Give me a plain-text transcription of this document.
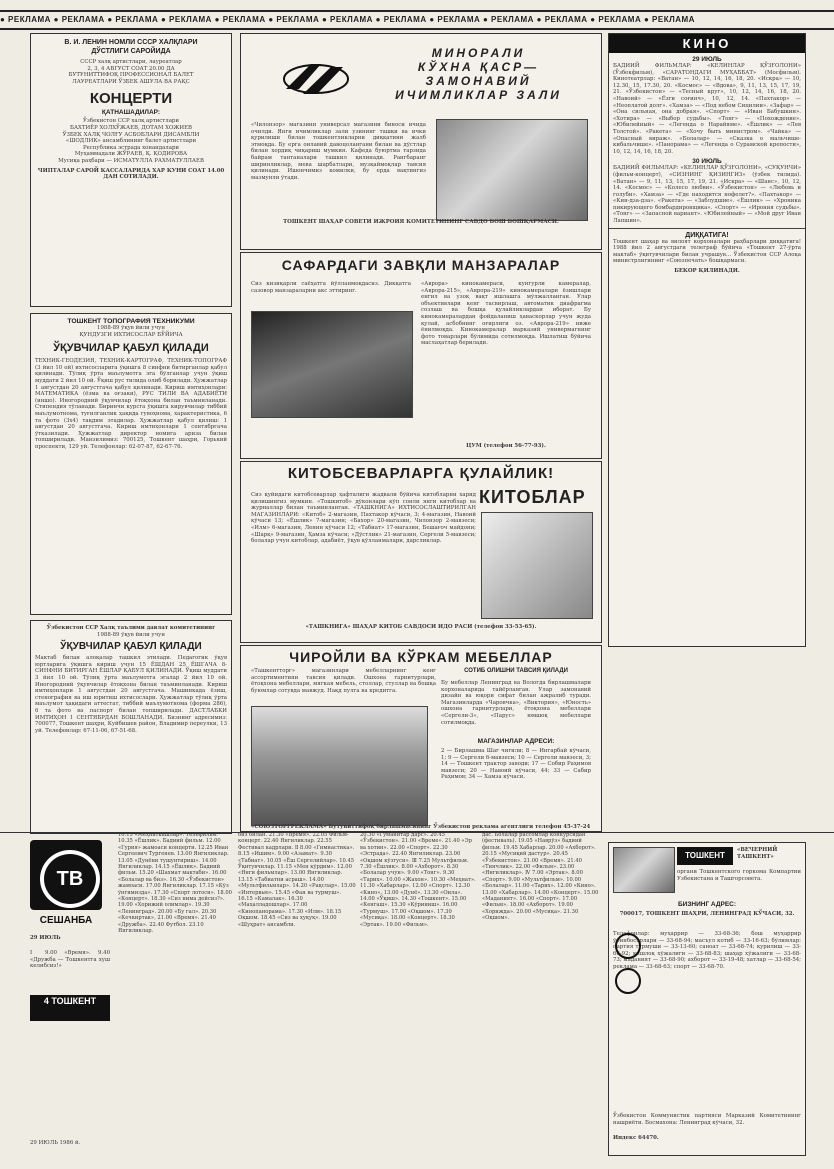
● РЕКЛАМА ● РЕКЛАМА ● РЕКЛАМА ● РЕКЛАМА ● РЕКЛАМА ● РЕКЛАМА ● РЕКЛАМА ● РЕКЛАМА ● РЕКЛАМА ● РЕКЛАМА ● РЕКЛАМА ● РЕКЛАМА ● РЕКЛАМА
В. И. ЛЕНИН НОМЛИ СССР ХАЛҚЛАРИ
ДЎСТЛИГИ САРОЙИДА
СССР халқ артистлари, лауреатлар
2, 3, 4 АВГУСТ СОАТ 20.00 ДА
БУТУНИТТИФОҚ ПРОФЕССИОНАЛ БАЛЕТ
ЛАУРЕАТЛАРИ ЎЗБЕК АШУЛА ВА РАҚС
КОНЦЕРТИ
ҚАТНАШАДИЛАР:
Ўзбекистон ССР халқ артистлари
БАХТИЁР ХОЛХЎЖАЕВ, ДОТАМ ХОЖИЕВ
ЎЗБЕК ХАЛҚ ЧОЛҒУ АСБОБЛАРИ ДИСАМБЛИ
«ШОДЛИК» ансамблининг балет артистлари
Республика эстрада хонандалари
Муҳаммадали ЖЎРАЕВ, Қ. ҚОДИРОВА
Мусиқа раҳбари — ИСМАТУЛЛА РАХМАТУЛЛАЕВ
ЧИПТАЛАР САРОЙ КАССАЛАРИДА ХАР КУНИ СОАТ 14.00 ДАН СОТИЛАДИ.
ТОШКЕНТ ТОПОГРАФИЯ ТЕХНИКУМИ
1988-89 ўқув йили учун
ҚУНДУЗГИ ИХТИСОСЛАР БЎЙИЧА
ЎҚУВЧИЛАР ҚАБУЛ ҚИЛАДИ
ТЕХНИК-ГЕОДЕЗИЯ, ТЕХНИК-КАРТОГРАФ, ТЕХНИК-ТОПОГРАФ (3 йил 10 ой) ихтисосларига ўқишга 8 синфни битирганлар қабул қилинади. Тўлиқ ўрта маълумотга эга бўлганлар учун ўқиш муддати 2 йил 10 ой. Ўқиш рус тилида олиб борилади. Ҳужжатлар 1 августдан 20 августгача қабул қилинади. Кириш имтиҳонлари: МАТЕМАТИКА (ёзма ва оғзаки), РУС ТИЛИ ВА АДАБИЁТИ (иншо). Иногородний ўқувчилар ётоқхона билан таъминланади. Стипендия тўланади. Биринчи курсга ўқишга кирувчилар тиббий маълумотнома, туғилганлик ҳақида гувоҳнома, характеристика, 6 та фото (3x4) тақдим этадилар. Ҳужжатлар қабул қилиш: 1 августдан 20 августгача. Кириш имтиҳонлари 1 сентябргача ўтказилади. Ҳужжатлар директор номига ариза билан топширилади. Манзилимиз: 700125, Тошкент шаҳри, Горький проспекти, 129 уй. Телефонлар: 62-07-87, 62-67-76.
Ўзбекистон ССР Халқ таълими давлат комитетининг
1988-89 ўқув йили учун
ЎҚУВЧИЛАР ҚАБУЛ ҚИЛАДИ
Мактаб билан алоқалар ташкил этилади. Педагогик ўқув юртларига ўқишга кириш учун 15 ЁШДАН 25 ЁШГАЧА 8-СИНФНИ БИТИРГАН ЁШЛАР ҚАБУЛ ҚИЛИНАДИ. Ўқиш муддати 3 йил 10 ой. Тўлиқ ўрта маълумотга эгалар 2 йил 10 ой. Иногородний ўқувчилар ётоқхона билан таъминланади. Кириш имтиҳонлари 1 августдан 20 августгача. Машинкада ёзиш, стенография ва иш юритиш ихтисослари. Ҳужжатлар тўлиқ ўрта маълумот ҳақидаги аттестат, тиббий маълумотнома (форма 286), 6 та фото ва паспорт билан топширилади. ДАСТЛАБКИ ИМТИҲОН 1 СЕНТЯБРДАН БОШЛАНАДИ. Бизнинг адресимиз: 700077, Тошкент шаҳри, Куйбишев район, Владимир переулки, 13 уй. Телефонлар: 67-11-06, 67-51-68.
МИНОРАЛИ
КЎХНА ҚАСР—
ЗАМОНАВИЙ
ИЧИМЛИКЛАР ЗАЛИ
«Чилонзор» магазини универсал магазини биноси ичида очилди. Янги ичимликлар зали узининг ташқи ва ички қурилиши билан тошкентликларни диққатини жалб этмоқда. Бу ерга оилавий давоцолангани билан ва дўстлар билан хордиқ чиқариш мумкин. Кафеда буюртма тарзида байрам тантаналари ташкил қилинади. Рангбаранг ширинликлар, мева шарбатлари, музқаймоқлар тавсия қилинади. Ишончимиз комилки, бу ерда вақтингиз мазмунли ўтади.
ТОШКЕНТ ШАҲАР СОВЕТИ ИЖРОИЯ КОМИТЕТИНИНГ САВДО БОШ БОШҚАРМАСИ.
САФАРДАГИ ЗАВҚЛИ МАНЗАРАЛАР
Сиз кизиқарли саёҳатга йўлланмоқдасиз. Дикқатга сазовор манзараларни акс эттиринг.
«Аврора» кинокамераси, кунгурли камералар, «Аврора-215», «Аврора-219» кинокамералари ёзишлари енгил ва узоқ вақт ишлашга мўлжалланган. Улар объективлари кенг тасвирлаш, автоматик диафрагма созлаш ва бошқа қулайликлардан иборат. Бу кинокамералардан фойдаланиш ҳаваскорлар учун жуда қулай, асбобнинг оғирлиги оз. «Аврора-219» ниже ёнилмоқда. Кинокамералар марказий универмагнинг фото товарлари бўлимида сотилмоқда. Ишлатиш бўйича маслаҳатлар берилади.
ЦУМ (телефон 56-77-93).
КИТОБСЕВАРЛАРГА ҚУЛАЙЛИК!
КИТОБЛАР
Сиз қуйидаги китобсеварлар ҳафталиги жадвали бўйича китобларни харид қилишингиз мумкин. «Тошкитоб» дўконлари кўп сонли янги китоблар ва журналлар билан таъминланган. «ТАШКНИГА» ИХТИСОСЛАШТИРИЛГАН МАГАЗИНЛАРИ: «Китоб» 2-магазин, Пахтакор кўчаси, 3; 4-магазин, Навоий кўчаси 13; «Ёшлик» 7-магазин; «Бахор» 20-магазин, Чилонзор 2-мавзеси; «Илм» 6-магазин, Ленин кўчаси 12; «Табиат» 17-магазин, Бешағоч майдони; «Шарқ» 9-магазин, Ҳамза кўчаси; «Дўстлик» 21-магазин, Сергели 5-мавзеси; болалар учун китоблар, адабиёт, ўқув қўлланмалари, дарсликлар.
«ТАШКНИГА» ШАҲАР КИТОБ САВДОСИ ИДО РАСИ (телефон 33-53-65).
ЧИРОЙЛИ ВА КЎРКАМ МЕБЕЛЛАР
СОТИБ ОЛИШНИ ТАВСИЯ ҚИЛАДИ
«Ташкентторг» магазинлари мебелларнинг кенг ассортиментини тавсия қилади. Ошхона гарнитурлари, ётоқхона мебеллари, мягкая мебель, столлар, стуллар ва бошқа буюмлар сотувда мавжуд. Нақд пулга ва кредитга.
Бу мебеллар Ленинград ва Вологда бирлашмалари корхоналарида тайёрланган. Улар замонавий дизайн ва юқори сифат билан ажралиб туради. Магазинларда «Чаровчка», «Виктория», «Юность» ошхона гарнитурлари, ётоқхона мебеллари «Сергели-3», «Парус» юмшоқ мебеллари сотилмоқда.
МАГАЗИНЛАР АДРЕСИ:
2 — Бирлашма Шаг чигили; 8 — Ингарбай кўчаси, 1; 9 — Сергели 6-мавзеси; 10 — Сергели мавзеси, 3; 14 — Тошкент трактор заводи; 17 — Собир Раҳимов мавзеси; 20 — Навоий кўчаси, 44; 33 — Сабир Раҳимов; 34 — Хамза кўчаси.
«СОЮЗТОРГРЕКЛАМА» Бутуниттифоқ бирлашмасининг Ўзбекистон реклама агентлиги телефон 45-37-24
КИНО
29 ИЮЛЬ
БАДИИЙ ФИЛЬМЛАР: «КЕЛИНЛАР ҚЎЗҒОЛОНИ» (Ўзбекфильм), «САРАТОНДАГИ МУҲАББАТ» (Мосфильм). Кинотеатрлар: «Ватан» — 10, 12, 14, 16, 18, 20. «Искра» — 10, 12.30, 15, 17.30, 20. «Космос» — «Вдова», 9, 11, 13, 15, 17, 19, 21. «Ўзбекистон» — «Тесный круг», 10, 12, 14, 16, 18, 20. «Навоий» — «Ёзги соғинч», 10, 12, 14. «Пахтакор» — «Неоплатой долг». «Хамза» — «Под небом Сицилии». «Зафар» — «Она сильная, она добрая». «Спорт» — «Иван Бабушкин». «Хотира» — «Выбор судьбы». «Тонг» — «Похождение». «Юбилейный» — «Легенда о Нарайяме». «Ёшлик» — «Лев Толстой». «Ракета» — «Хочу быть министром». «Чайка» — «Опасный вираж». «Болалар» — «Сказка о мальчише-кибальчише». «Панорама» — «Легенда о Сурамской крепости», 10, 12, 14, 16, 18, 20.
30 ИЮЛЬ
БАДИИЙ ФИЛЬМЛАР: «КЕЛИНЛАР ҚЎЗҒОЛОНИ», «СУҚУНЧИ» (фильм-концерт), «СИЗНИНГ ҚИЗИНГИЗ» (ўзбек тилида). «Ватан» — 9, 11, 13, 15, 17, 19, 21. «Искра» — «Шанс», 10, 12, 14. «Космос» — «Колесо любви». «Ўзбекистон» — «Любовь и голуби». «Хамза» — «Где находится нофелет?». «Пахтакор» — «Кин-дза-дза». «Ракета» — «Заблудшие». «Ёшлик» — «Хроника пикирующего бомбардировщика». «Спорт» — «Ирония судьбы». «Тонг» — «Запасной вариант». «Юбилейный» — «Мой друг Иван Лапшин».
ДИҚҚАТИГА!
Тошкент шаҳар ва вилоят корхоналари раҳбарлари диққатига! 1988 йил 2 августдаги телеграф бўйича «Тошкент 27-ўрта мактаб» ўқитувчилари билан учрашув... Ўзбекистон ССР Алоқа министрлигининг «Союзпечать» бошқармаси.
БЕКОР ҚИЛИНАДИ.
ТВ
СЕШАНБА
29 ИЮЛЬ
Ⅰ 9.00 «Время». 9.40 «Дружба — Тошкентга хуш келибсиз!»
4 ТОШКЕНТ
29 ИЮЛЬ 1986 й.
10.15 «Меҳнаткашлар». Телефильм. 10.35 «Ёшлик». Бадиий фильм. 12.00 «Гурия» жамоаси концерти. 12.25 Иван Сергеевич Тургенев. 13.00 Янгиликлар. 13.05 «Дунёни тушунтириш». 14.00 Янгиликлар. 14.15 «Ёшлик». Бадиий фильм. 15.20 «Шахмат мактаби». 16.00 «Болалар ва биз». 16.30 «Ўзбекистон» жамоаси. 17.00 Янгиликлар. 17.15 «Кўз ўнгимизда». 17.30 «Спорт лотоси». 18.00 «Концерт». 18.30 «Сиз нима дейсиз?». 19.00 «Хорижий олимлар». 19.30 «Ленинград». 20.00 «Бу гал». 20.30 «Кечкиртак», 21.00 «Время». 21.40 «Дружба». 22.40 Футбол. 23.10 Янгиликлар.
биз билан. 21.30 «Время». 22.05 Фильм-концерт. 22.40 Янгиликлар. 22.55 Фестивал кадрлари. Ⅱ 8.00 «Гимнастика». 8.15 «Ишим». 9.00 «Азамат». 9.30 «Табиат». 10.05 «Ёш Сергелийлар». 10.45 Ўқитувчилар. 11.15 «Мен кўрдим». 12.00 «Янги фильмлар». 13.00 Янгиликлар. 13.15 «Табиатни асраш». 14.00 «Мультфильмлар». 14.20 «Рақслар». 15.00 «Интервью». 15.45 «Фан ва турмуш». 16.15 «Камалак». 16.30 «Маҳалладошлар». 17.00 «Кинопанорама». 17.30 «Илм». 18.15 Оқшом. 18.45 «Сиз ва ҳуқуқ». 19.00 «Шуҳрат» ансамбли.
20.30 «Гуманитар дарс». 20.45 «Ўзбекистон». 21.00 «Време». 21.40 «Эр ва хотин». 22.00 «Спорт». 22.30 «Эстрада». 22.40 Янгиликлар. 23.00 «Оқшом кўзгуси». Ⅲ 7.25 Мультфильм. 7.30 «Ёшлик». 8.00 «Ахборот». 8.30 «Болалар учун». 9.00 «Тонг». 9.30 «Тарих». 10.00 «Жахон». 10.30 «Меҳнат». 11.30 «Хабарлар». 12.00 «Спорт». 12.30 «Кино». 13.00 «Дунё». 13.30 «Оила». 14.00 «Ўқиш». 14.30 «Тошкент». 15.00 «Кенгаш». 15.30 «Кўриниш». 16.00 «Турмуш». 17.00 «Оқшом». 17.30 «Мусиқа». 18.00 «Концерт». 18.30 «Эртак». 19.00 «Фильм».
дас. Болалар рассомлар конкурсидан (фестиваль). 19.05 «Наврўз» бадиий фильм. 19.45 Хабарлар. 20.00 «Ахборот». 20.15 «Мусиқий дастур». 20.45 «Ўзбекистон». 21.00 «Время». 21.40 «Тинчлик». 22.00 «Фильм». 23.00 «Янгиликлар». Ⅳ 7.00 «Эртак». 8.00 «Спорт». 9.00 «Мультфильм». 10.00 «Болалар». 11.00 «Тарих». 12.00 «Кино». 13.00 «Хабарлар». 14.00 «Концерт». 15.00 «Маданият». 16.00 «Спорт». 17.00 «Фильм». 18.00 «Ахборот». 19.00 «Хорижда». 20.00 «Мусиқа». 21.30 «Оқшом».
ТОШКЕНТ
«ВЕЧЕРНИЙ ТАШКЕНТ»
органи Тошкентского горкома Компартии Узбекистана и Ташгорсовета.
БИЗНИНГ АДРЕС:
700017, ТОШКЕНТ ШАҲРИ, ЛЕНИНГРАД КЎЧАСИ, 32.
Телефонлар: муҳаррир — 33-68-36; бош муҳаррир ўринбосарлари — 33-68-94; масъул котиб — 33-16-63; бўлимлар: партия турмуши — 33-13-60; саноат — 33-68-74; қурилиш — 33-68-92; қишлоқ хўжалиги — 33-68-83; шаҳар хўжалиги — 33-68-73; маданият — 33-68-90; ахборот — 33-19-48; хатлар — 33-68-54; реклама — 33-68-63; спорт — 33-68-70.
Ўзбекистон Коммунистик партияси Марказий Комитетининг нашриёти. Босмахона: Ленинград кўчаси, 32.
Индекс 64470.
